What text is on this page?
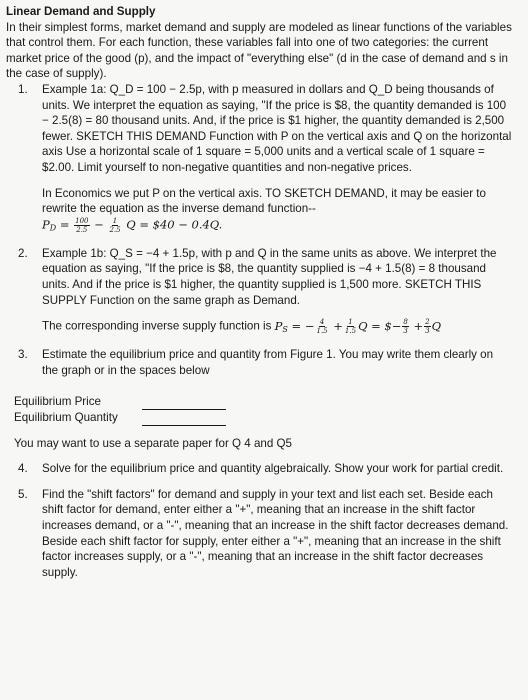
Linear Demand and Supply

In their simplest forms, market demand and supply are modeled as linear functions of the variables that control them. For each function, these variables fall into one of two categories: the current market price of the good (p), and the impact of "everything else" (d in the case of demand and s in the case of supply).

1.	Example 1a: Q_D = 100 − 2.5p, with p measured in dollars and Q_D being thousands of units. We interpret the equation as saying, "If the price is $8, the quantity demanded is 100 − 2.5(8) = 80 thousand units. And, if the price is $1 higher, the quantity demanded is 2,500 fewer. SKETCH THIS DEMAND Function with P on the vertical axis and Q on the horizontal axis Use a horizontal scale of 1 square = 5,000 units and a vertical scale of 1 square = $2.00. Limit yourself to non-negative quantities and non-negative prices.

In Economics we put P on the vertical axis. TO SKETCH DEMAND, it may be easier to rewrite the equation as the inverse demand function--

$P_D = \frac{100}{2.5} - \frac{1}{2.5}$ Q = $40 − 0.4Q.
2.	Example 1b: Q_S = −4 + 1.5p, with p and Q in the same units as above. We interpret the equation as saying, "If the price is $8, the quantity supplied is −4 + 1.5(8) = 8 thousand units. And if the price is $1 higher, the quantity supplied is 1,500 more. SKETCH THIS SUPPLY Function on the same graph as Demand.

The corresponding inverse supply function is $P_S$ = − $\frac{4}{1.5} + \frac{1}{1.5}$ Q = $− $\frac{8}{3} + \frac{2}{3}$ Q

3.	Estimate the equilibrium price and quantity from Figure 1. You may write them clearly on the graph or in the spaces below

Equilibrium Price
Equilibrium Quantity

You may want to use a separate paper for Q 4 and Q5

4.	Solve for the equilibrium price and quantity algebraically. Show your work for partial credit.

5.	Find the "shift factors" for demand and supply in your text and list each set. Beside each shift factor for demand, enter either a "+", meaning that an increase in the shift factor increases demand, or a "-", meaning that an increase in the shift factor decreases demand. Beside each shift factor for supply, enter either a "+", meaning that an increase in the shift factor increases supply, or a "-", meaning that an increase in the shift factor decreases supply.
